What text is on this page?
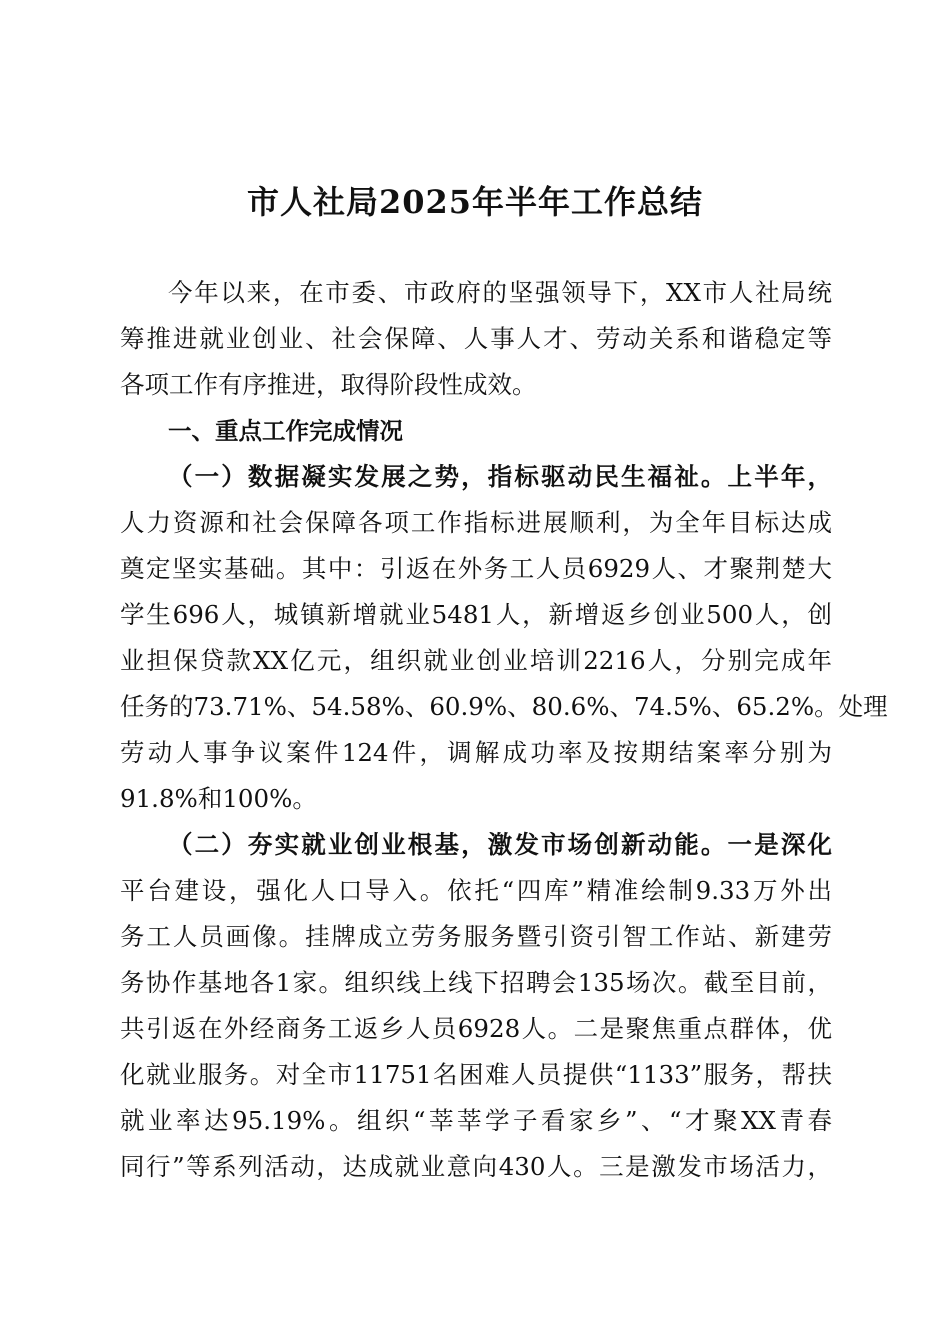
市人社局2025年半年工作总结
今年以来，在市委、市政府的坚强领导下，XX市人社局统
筹推进就业创业、社会保障、人事人才、劳动关系和谐稳定等
各项工作有序推进，取得阶段性成效。
一、重点工作完成情况
（一）数据凝实发展之势，指标驱动民生福祉。上半年，
人力资源和社会保障各项工作指标进展顺利，为全年目标达成
奠定坚实基础。其中：引返在外务工人员6929人、才聚荆楚大
学生696人，城镇新增就业5481人，新增返乡创业500人，创
业担保贷款XX亿元，组织就业创业培训2216人，分别完成年
任务的73.71%、54.58%、60.9%、80.6%、74.5%、65.2%。处理
劳动人事争议案件124件，调解成功率及按期结案率分别为
91.8%和100%。
（二）夯实就业创业根基，激发市场创新动能。一是深化
平台建设，强化人口导入。依托“四库”精准绘制9.33万外出
务工人员画像。挂牌成立劳务服务暨引资引智工作站、新建劳
务协作基地各1家。组织线上线下招聘会135场次。截至目前，
共引返在外经商务工返乡人员6928人。二是聚焦重点群体，优
化就业服务。对全市11751名困难人员提供“1133”服务，帮扶
就业率达95.19%。组织“莘莘学子看家乡”、“才聚XX青春
同行”等系列活动，达成就业意向430人。三是激发市场活力，
